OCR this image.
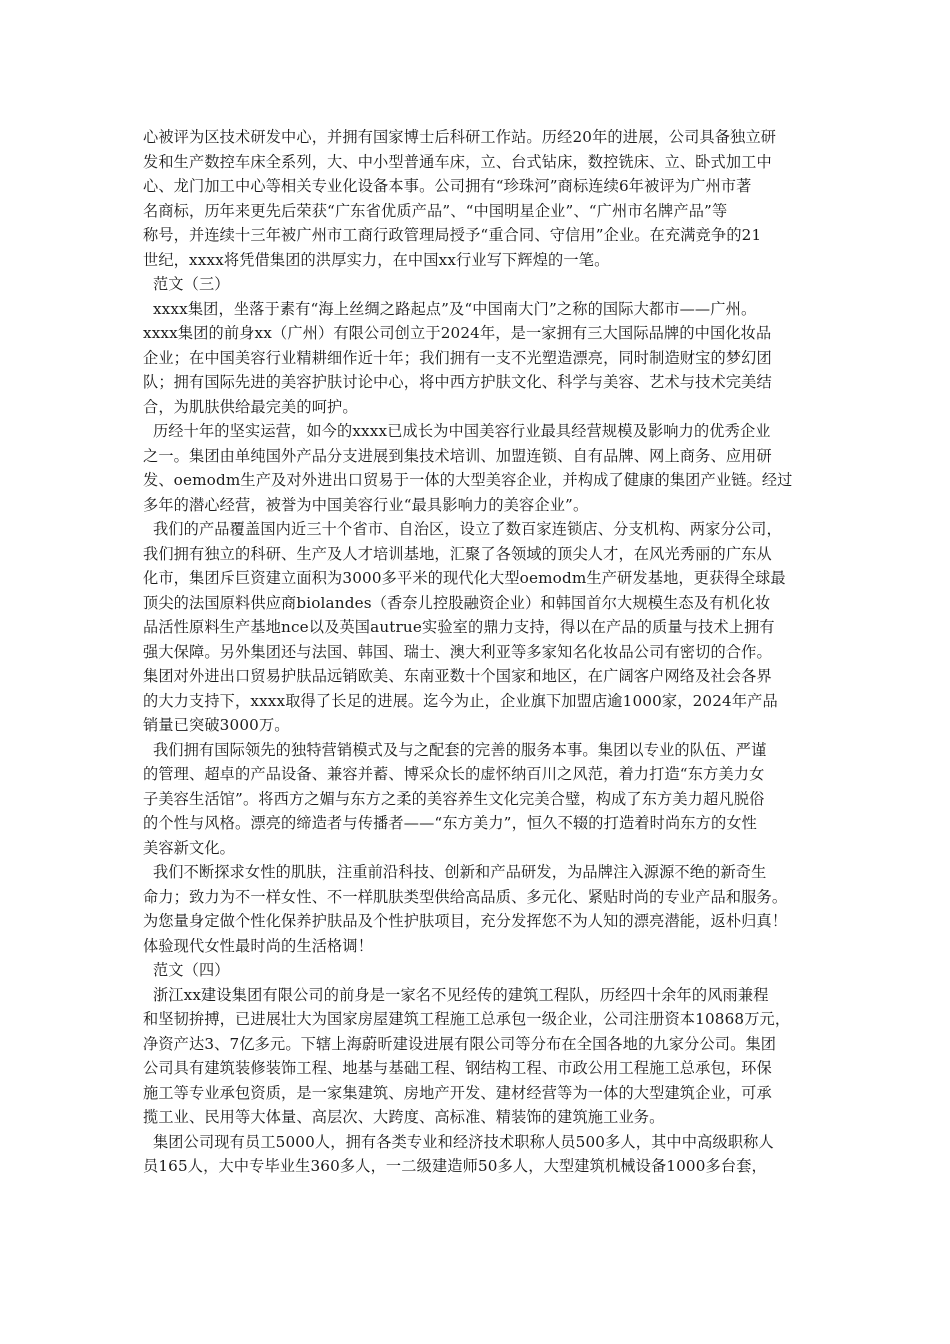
心被评为区技术研发中心，并拥有国家博士后科研工作站。历经20年的进展，公司具备独立研
发和生产数控车床全系列，大、中小型普通车床，立、台式钻床，数控铣床、立、卧式加工中
心、龙门加工中心等相关专业化设备本事。公司拥有“珍珠河”商标连续6年被评为广州市著
名商标，历年来更先后荣获“广东省优质产品”、“中国明星企业”、“广州市名牌产品”等
称号，并连续十三年被广州市工商行政管理局授予“重合同、守信用”企业。在充满竞争的21
世纪，xxxx将凭借集团的洪厚实力，在中国xx行业写下辉煌的一笔。
范文（三）
xxxx集团，坐落于素有“海上丝绸之路起点”及“中国南大门”之称的国际大都市——广州。
xxxx集团的前身xx（广州）有限公司创立于2024年，是一家拥有三大国际品牌的中国化妆品
企业；在中国美容行业精耕细作近十年；我们拥有一支不光塑造漂亮，同时制造财宝的梦幻团
队；拥有国际先进的美容护肤讨论中心，将中西方护肤文化、科学与美容、艺术与技术完美结
合，为肌肤供给最完美的呵护。
历经十年的坚实运营，如今的xxxx已成长为中国美容行业最具经营规模及影响力的优秀企业
之一。集团由单纯国外产品分支进展到集技术培训、加盟连锁、自有品牌、网上商务、应用研
发、oemodm生产及对外进出口贸易于一体的大型美容企业，并构成了健康的集团产业链。经过
多年的潜心经营，被誉为中国美容行业“最具影响力的美容企业”。
我们的产品覆盖国内近三十个省市、自治区，设立了数百家连锁店、分支机构、两家分公司，
我们拥有独立的科研、生产及人才培训基地，汇聚了各领域的顶尖人才，在风光秀丽的广东从
化市，集团斥巨资建立面积为3000多平米的现代化大型oemodm生产研发基地，更获得全球最
顶尖的法国原料供应商biolandes（香奈儿控股融资企业）和韩国首尔大规模生态及有机化妆
品活性原料生产基地nce以及英国autrue实验室的鼎力支持，得以在产品的质量与技术上拥有
强大保障。另外集团还与法国、韩国、瑞士、澳大利亚等多家知名化妆品公司有密切的合作。
集团对外进出口贸易护肤品远销欧美、东南亚数十个国家和地区，在广阔客户网络及社会各界
的大力支持下，xxxx取得了长足的进展。迄今为止，企业旗下加盟店逾1000家，2024年产品
销量已突破3000万。
我们拥有国际领先的独特营销模式及与之配套的完善的服务本事。集团以专业的队伍、严谨
的管理、超卓的产品设备、兼容并蓄、博采众长的虚怀纳百川之风范，着力打造“东方美力女
子美容生活馆”。将西方之媚与东方之柔的美容养生文化完美合璧，构成了东方美力超凡脱俗
的个性与风格。漂亮的缔造者与传播者——“东方美力”，恒久不辍的打造着时尚东方的女性
美容新文化。
我们不断探求女性的肌肤，注重前沿科技、创新和产品研发，为品牌注入源源不绝的新奇生
命力；致力为不一样女性、不一样肌肤类型供给高品质、多元化、紧贴时尚的专业产品和服务。
为您量身定做个性化保养护肤品及个性护肤项目，充分发挥您不为人知的漂亮潜能，返朴归真！
体验现代女性最时尚的生活格调！
范文（四）
浙江xx建设集团有限公司的前身是一家名不见经传的建筑工程队，历经四十余年的风雨兼程
和坚韧拚搏，已进展壮大为国家房屋建筑工程施工总承包一级企业，公司注册资本10868万元，
净资产达3、7亿多元。下辖上海蔚昕建设进展有限公司等分布在全国各地的九家分公司。集团
公司具有建筑装修装饰工程、地基与基础工程、钢结构工程、市政公用工程施工总承包，环保
施工等专业承包资质，是一家集建筑、房地产开发、建材经营等为一体的大型建筑企业，可承
揽工业、民用等大体量、高层次、大跨度、高标准、精装饰的建筑施工业务。
集团公司现有员工5000人，拥有各类专业和经济技术职称人员500多人，其中中高级职称人
员165人，大中专毕业生360多人，一二级建造师50多人，大型建筑机械设备1000多台套，
